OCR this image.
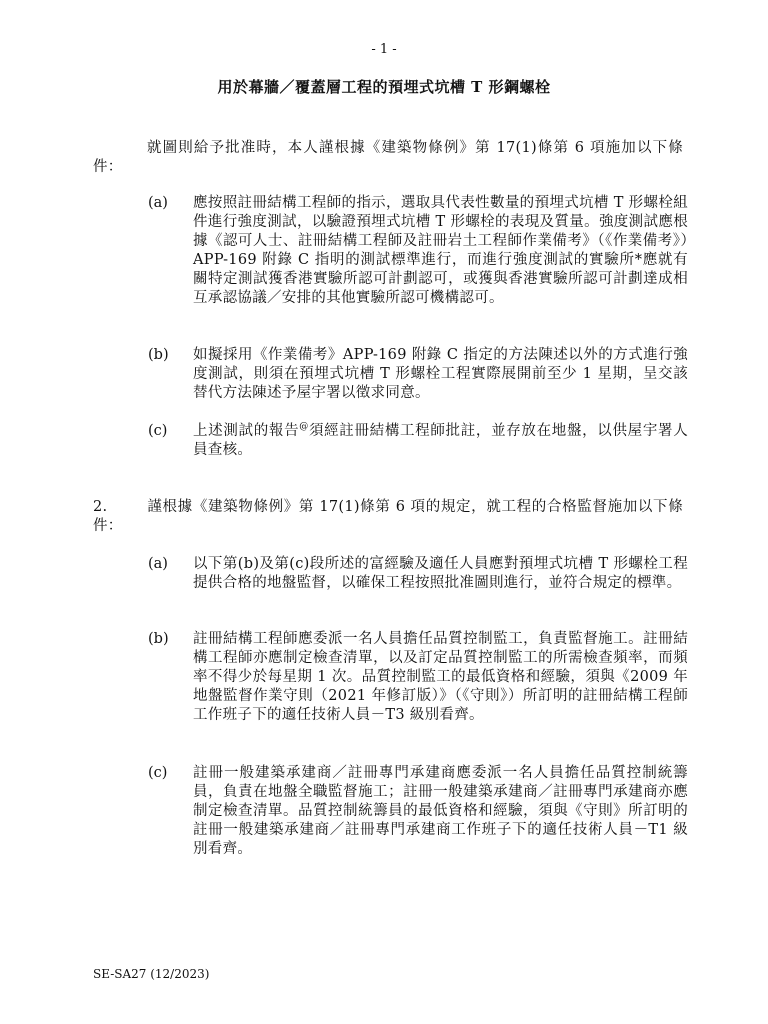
- 1 -
用於幕牆／覆蓋層工程的預埋式坑槽 T 形鋼螺栓
就圖則給予批准時，本人謹根據《建築物條例》第 17(1)條第 6 項施加以下條件：
(a)	應按照註冊結構工程師的指示，選取具代表性數量的預埋式坑槽 T 形螺栓組件進行強度測試，以驗證預埋式坑槽 T 形螺栓的表現及質量。強度測試應根據《認可人士、註冊結構工程師及註冊岩土工程師作業備考》（《作業備考》）APP-169 附錄 C 指明的測試標準進行，而進行強度測試的實驗所*應就有關特定測試獲香港實驗所認可計劃認可，或獲與香港實驗所認可計劃達成相互承認協議／安排的其他實驗所認可機構認可。
(b)	如擬採用《作業備考》APP-169 附錄 C 指定的方法陳述以外的方式進行強度測試，則須在預埋式坑槽 T 形螺栓工程實際展開前至少 1 星期，呈交該替代方法陳述予屋宇署以徵求同意。
(c)	上述測試的報告@須經註冊結構工程師批註，並存放在地盤，以供屋宇署人員查核。
2.	謹根據《建築物條例》第 17(1)條第 6 項的規定，就工程的合格監督施加以下條件：
(a)	以下第(b)及第(c)段所述的富經驗及適任人員應對預埋式坑槽 T 形螺栓工程提供合格的地盤監督，以確保工程按照批准圖則進行，並符合規定的標準。
(b)	註冊結構工程師應委派一名人員擔任品質控制監工，負責監督施工。註冊結構工程師亦應制定檢查清單，以及訂定品質控制監工的所需檢查頻率，而頻率不得少於每星期 1 次。品質控制監工的最低資格和經驗，須與《2009 年地盤監督作業守則（2021 年修訂版）》（《守則》）所訂明的註冊結構工程師工作班子下的適任技術人員－T3 級別看齊。
(c)	註冊一般建築承建商／註冊專門承建商應委派一名人員擔任品質控制統籌員，負責在地盤全職監督施工；註冊一般建築承建商／註冊專門承建商亦應制定檢查清單。品質控制統籌員的最低資格和經驗，須與《守則》所訂明的註冊一般建築承建商／註冊專門承建商工作班子下的適任技術人員－T1 級別看齊。
SE-SA27 (12/2023)
